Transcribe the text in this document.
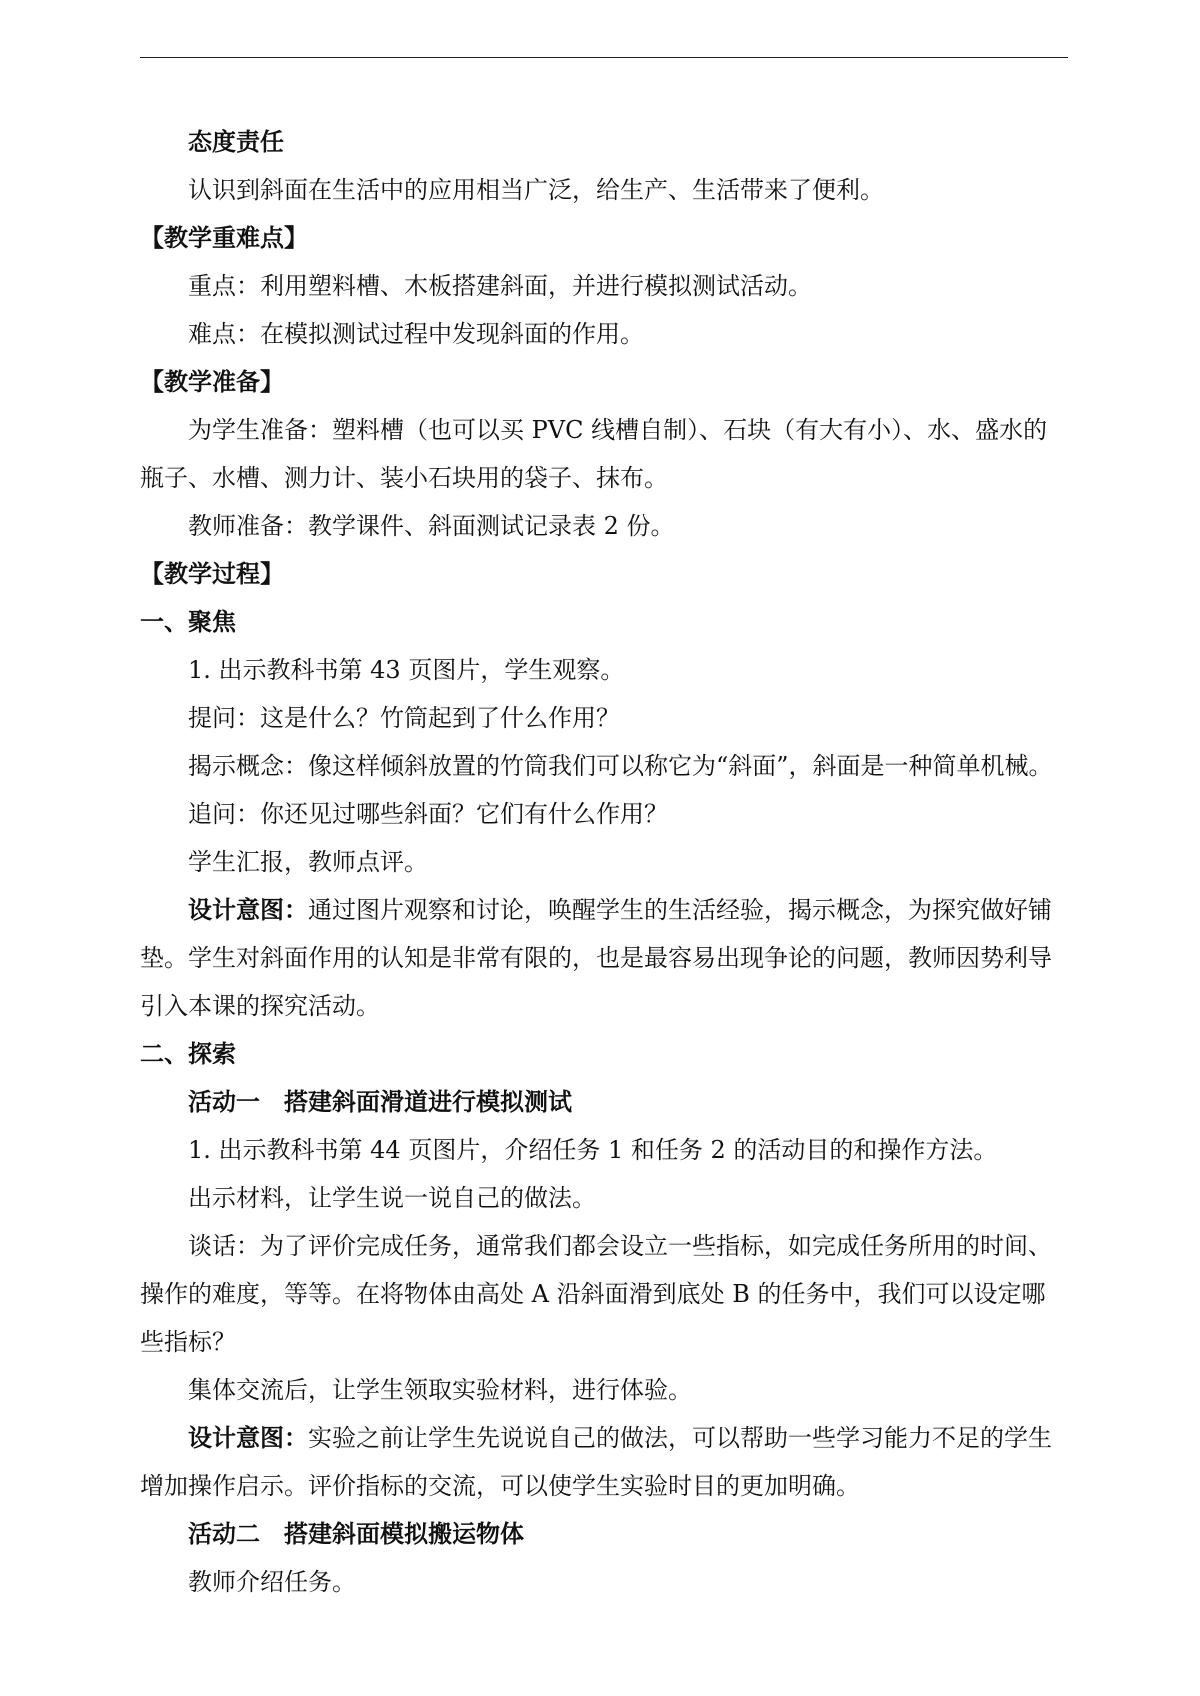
态度责任

认识到斜面在生活中的应用相当广泛，给生产、生活带来了便利。

【教学重难点】

重点：利用塑料槽、木板搭建斜面，并进行模拟测试活动。

难点：在模拟测试过程中发现斜面的作用。

【教学准备】

为学生准备：塑料槽（也可以买 PVC 线槽自制）、石块（有大有小）、水、盛水的瓶子、水槽、测力计、装小石块用的袋子、抹布。

教师准备：教学课件、斜面测试记录表 2 份。

【教学过程】

一、聚焦

1. 出示教科书第 43 页图片，学生观察。

提问：这是什么？竹筒起到了什么作用？

揭示概念：像这样倾斜放置的竹筒我们可以称它为“斜面”，斜面是一种简单机械。

追问：你还见过哪些斜面？它们有什么作用？

学生汇报，教师点评。

设计意图：通过图片观察和讨论，唤醒学生的生活经验，揭示概念，为探究做好铺垫。学生对斜面作用的认知是非常有限的，也是最容易出现争论的问题，教师因势利导引入本课的探究活动。

二、探索

活动一　搭建斜面滑道进行模拟测试

1. 出示教科书第 44 页图片，介绍任务 1 和任务 2 的活动目的和操作方法。

出示材料，让学生说一说自己的做法。

谈话：为了评价完成任务，通常我们都会设立一些指标，如完成任务所用的时间、操作的难度，等等。在将物体由高处 A 沿斜面滑到底处 B 的任务中，我们可以设定哪些指标？

集体交流后，让学生领取实验材料，进行体验。

设计意图：实验之前让学生先说说自己的做法，可以帮助一些学习能力不足的学生增加操作启示。评价指标的交流，可以使学生实验时目的更加明确。

活动二　搭建斜面模拟搬运物体

教师介绍任务。
